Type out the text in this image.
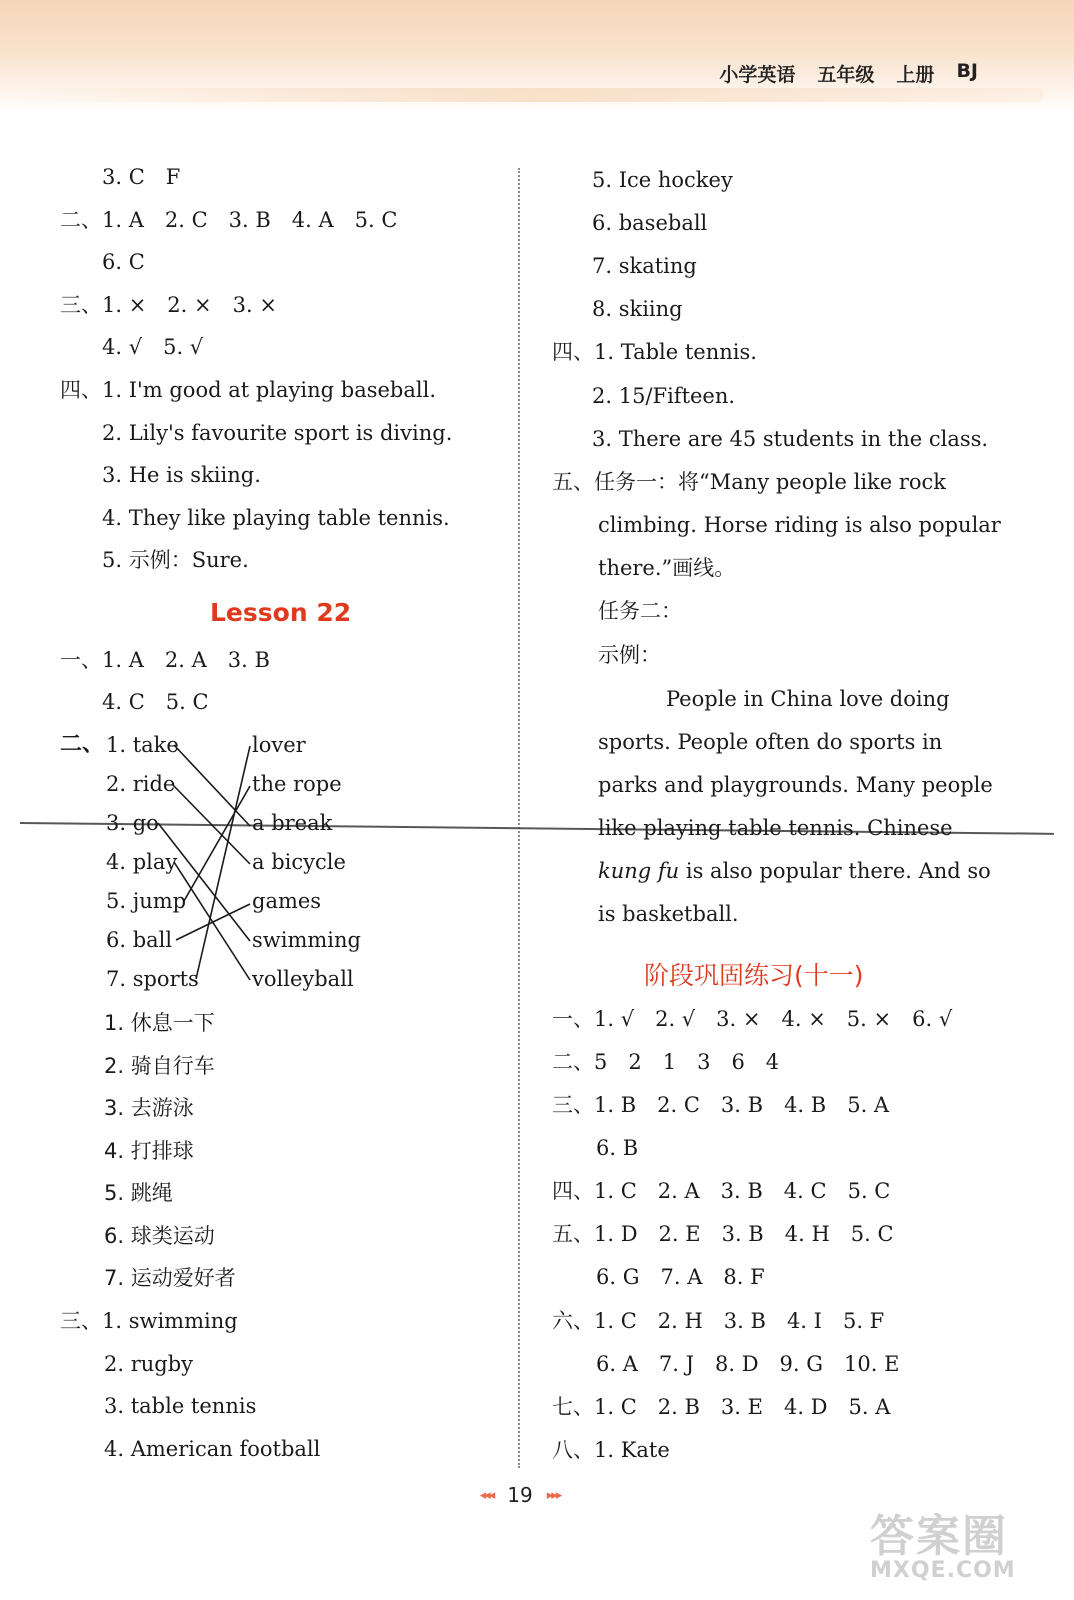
小学英语 五年级 上册 BJ
3. C　F
二、1. A　2. C　3. B　4. A　5. C
6. C
三、1. ×　2. ×　3. ×
4. √　5. √
四、1. I'm good at playing baseball.
2. Lily's favourite sport is diving.
3. He is skiing.
4. They like playing table tennis.
5. 示例：Sure.
Lesson 22
一、1. A　2. A　3. B
4. C　5. C
二、 1. take
2. ride
3. go
4. play
5. jump
6. ball
7. sports
lover
the rope
a break
a bicycle
games
swimming
volleyball
1. 休息一下
2. 骑自行车
3. 去游泳
4. 打排球
5. 跳绳
6. 球类运动
7. 运动爱好者
三、1. swimming
2. rugby
3. table tennis
4. American football
5. Ice hockey
6. baseball
7. skating
8. skiing
四、1. Table tennis.
2. 15/Fifteen.
3. There are 45 students in the class.
五、任务一：将“Many people like rock
climbing. Horse riding is also popular
there.”画线。
任务二：
示例：
People in China love doing
sports. People often do sports in
parks and playgrounds. Many people
like playing table tennis. Chinese
kung fu is also popular there. And so
is basketball.
阶段巩固练习(十一)
一、1. √　2. √　3. ×　4. ×　5. ×　6. √
二、5　2　1　3　6　4
三、1. B　2. C　3. B　4. B　5. A
6. B
四、1. C　2. A　3. B　4. C　5. C
五、1. D　2. E　3. B　4. H　5. C
6. G　7. A　8. F
六、1. C　2. H　3. B　4. I　5. F
6. A　7. J　8. D　9. G　10. E
七、1. C　2. B　3. E　4. D　5. A
八、1. Kate
◂◂◂ 19 ▸▸▸
答案圈
MXQE.COM
